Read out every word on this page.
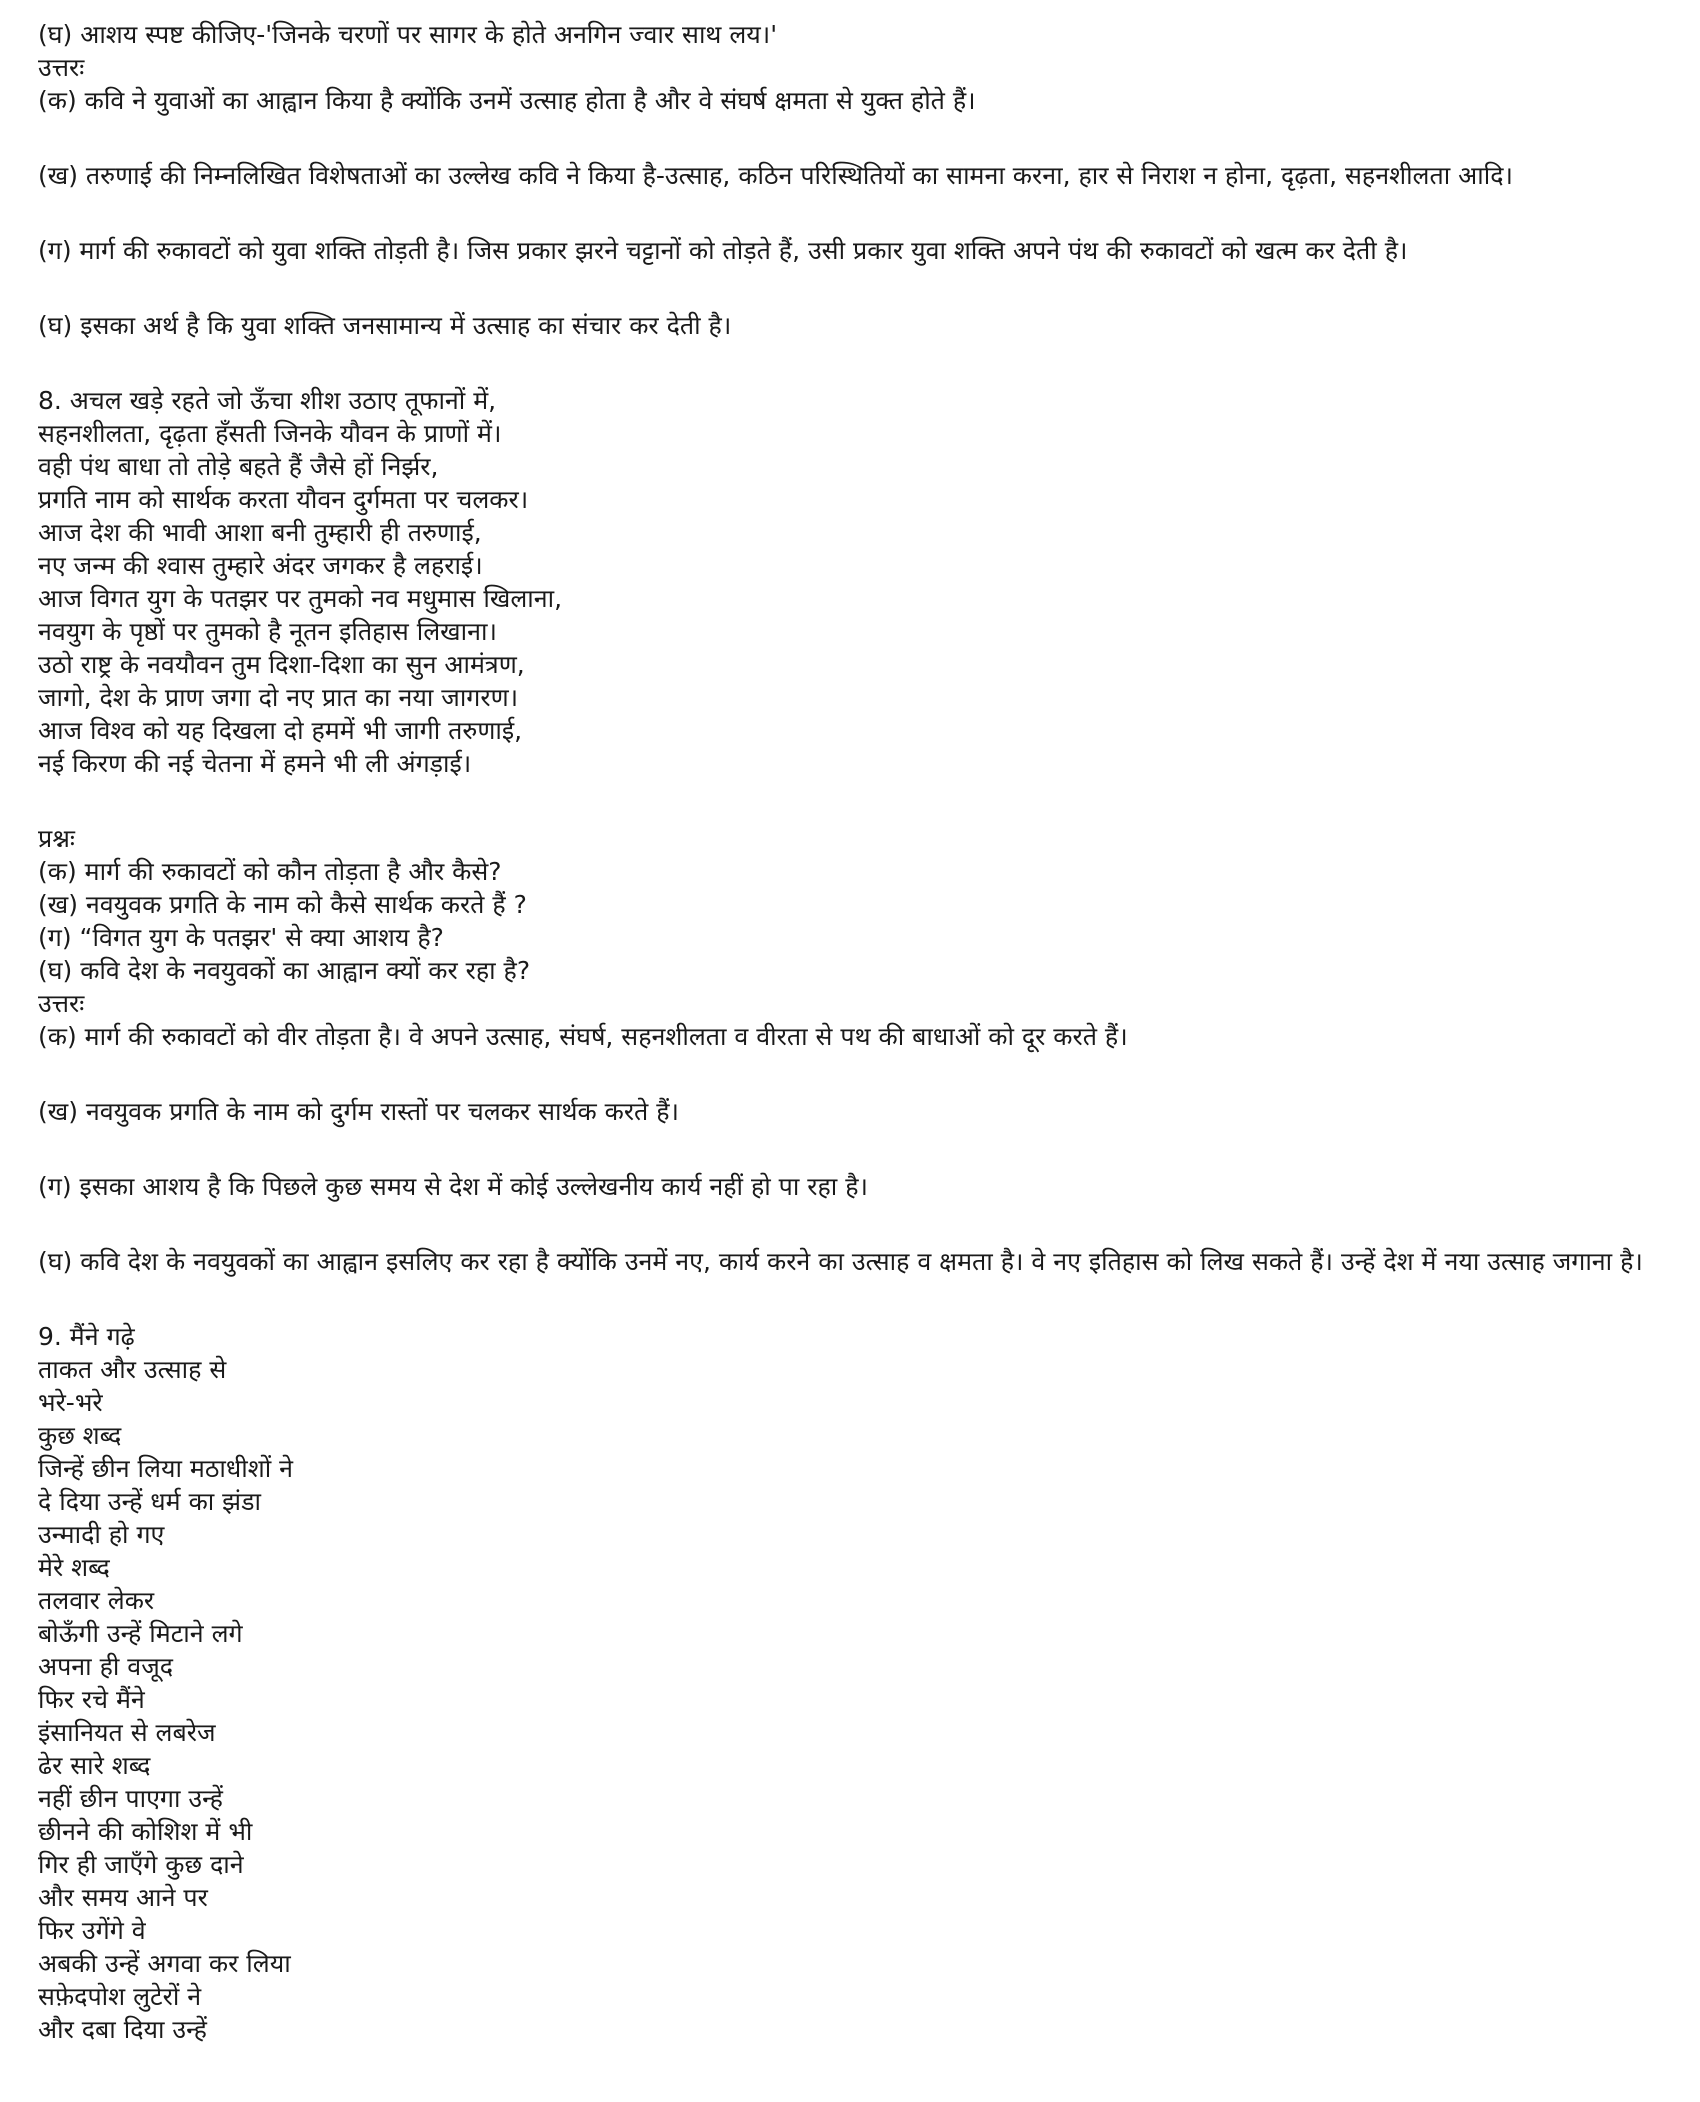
(घ) आशय स्पष्ट कीजिए-'जिनके चरणों पर सागर के होते अनगिन ज्वार साथ लय।'

उत्तरः

(क) कवि ने युवाओं का आह्वान किया है क्योंकि उनमें उत्साह होता है और वे संघर्ष क्षमता से युक्त होते हैं।

(ख) तरुणाई की निम्नलिखित विशेषताओं का उल्लेख कवि ने किया है-उत्साह, कठिन परिस्थितियों का सामना करना, हार से निराश न होना, दृढ़ता, सहनशीलता आदि।

(ग) मार्ग की रुकावटों को युवा शक्ति तोड़ती है। जिस प्रकार झरने चट्टानों को तोड़ते हैं, उसी प्रकार युवा शक्ति अपने पंथ की रुकावटों को खत्म कर देती है।

(घ) इसका अर्थ है कि युवा शक्ति जनसामान्य में उत्साह का संचार कर देती है।

8. अचल खड़े रहते जो ऊँचा शीश उठाए तूफानों में,

सहनशीलता, दृढ़ता हँसती जिनके यौवन के प्राणों में।

वही पंथ बाधा तो तोड़े बहते हैं जैसे हों निर्झर,

प्रगति नाम को सार्थक करता यौवन दुर्गमता पर चलकर।

आज देश की भावी आशा बनी तुम्हारी ही तरुणाई,

नए जन्म की श्वास तुम्हारे अंदर जगकर है लहराई।

आज विगत युग के पतझर पर तुमको नव मधुमास खिलाना,

नवयुग के पृष्ठों पर तुमको है नूतन इतिहास लिखाना।

उठो राष्ट्र के नवयौवन तुम दिशा-दिशा का सुन आमंत्रण,

जागो, देश के प्राण जगा दो नए प्रात का नया जागरण।

आज विश्व को यह दिखला दो हममें भी जागी तरुणाई,

नई किरण की नई चेतना में हमने भी ली अंगड़ाई।

प्रश्नः

(क) मार्ग की रुकावटों को कौन तोड़ता है और कैसे?

(ख) नवयुवक प्रगति के नाम को कैसे सार्थक करते हैं ?

(ग) “विगत युग के पतझर' से क्या आशय है?

(घ) कवि देश के नवयुवकों का आह्वान क्यों कर रहा है?

उत्तरः

(क) मार्ग की रुकावटों को वीर तोड़ता है। वे अपने उत्साह, संघर्ष, सहनशीलता व वीरता से पथ की बाधाओं को दूर करते हैं।

(ख) नवयुवक प्रगति के नाम को दुर्गम रास्तों पर चलकर सार्थक करते हैं।

(ग) इसका आशय है कि पिछले कुछ समय से देश में कोई उल्लेखनीय कार्य नहीं हो पा रहा है।

(घ) कवि देश के नवयुवकों का आह्वान इसलिए कर रहा है क्योंकि उनमें नए, कार्य करने का उत्साह व क्षमता है। वे नए इतिहास को लिख सकते हैं। उन्हें देश में नया उत्साह जगाना है।

9. मैंने गढ़े

ताकत और उत्साह से

भरे-भरे

कुछ शब्द

जिन्हें छीन लिया मठाधीशों ने

दे दिया उन्हें धर्म का झंडा

उन्मादी हो गए

मेरे शब्द

तलवार लेकर

बोऊँगी उन्हें मिटाने लगे

अपना ही वजूद

फिर रचे मैंने

इंसानियत से लबरेज

ढेर सारे शब्द

नहीं छीन पाएगा उन्हें

छीनने की कोशिश में भी

गिर ही जाएँगे कुछ दाने

और समय आने पर

फिर उगेंगे वे

अबकी उन्हें अगवा कर लिया

सफ़ेदपोश लुटेरों ने

और दबा दिया उन्हें
